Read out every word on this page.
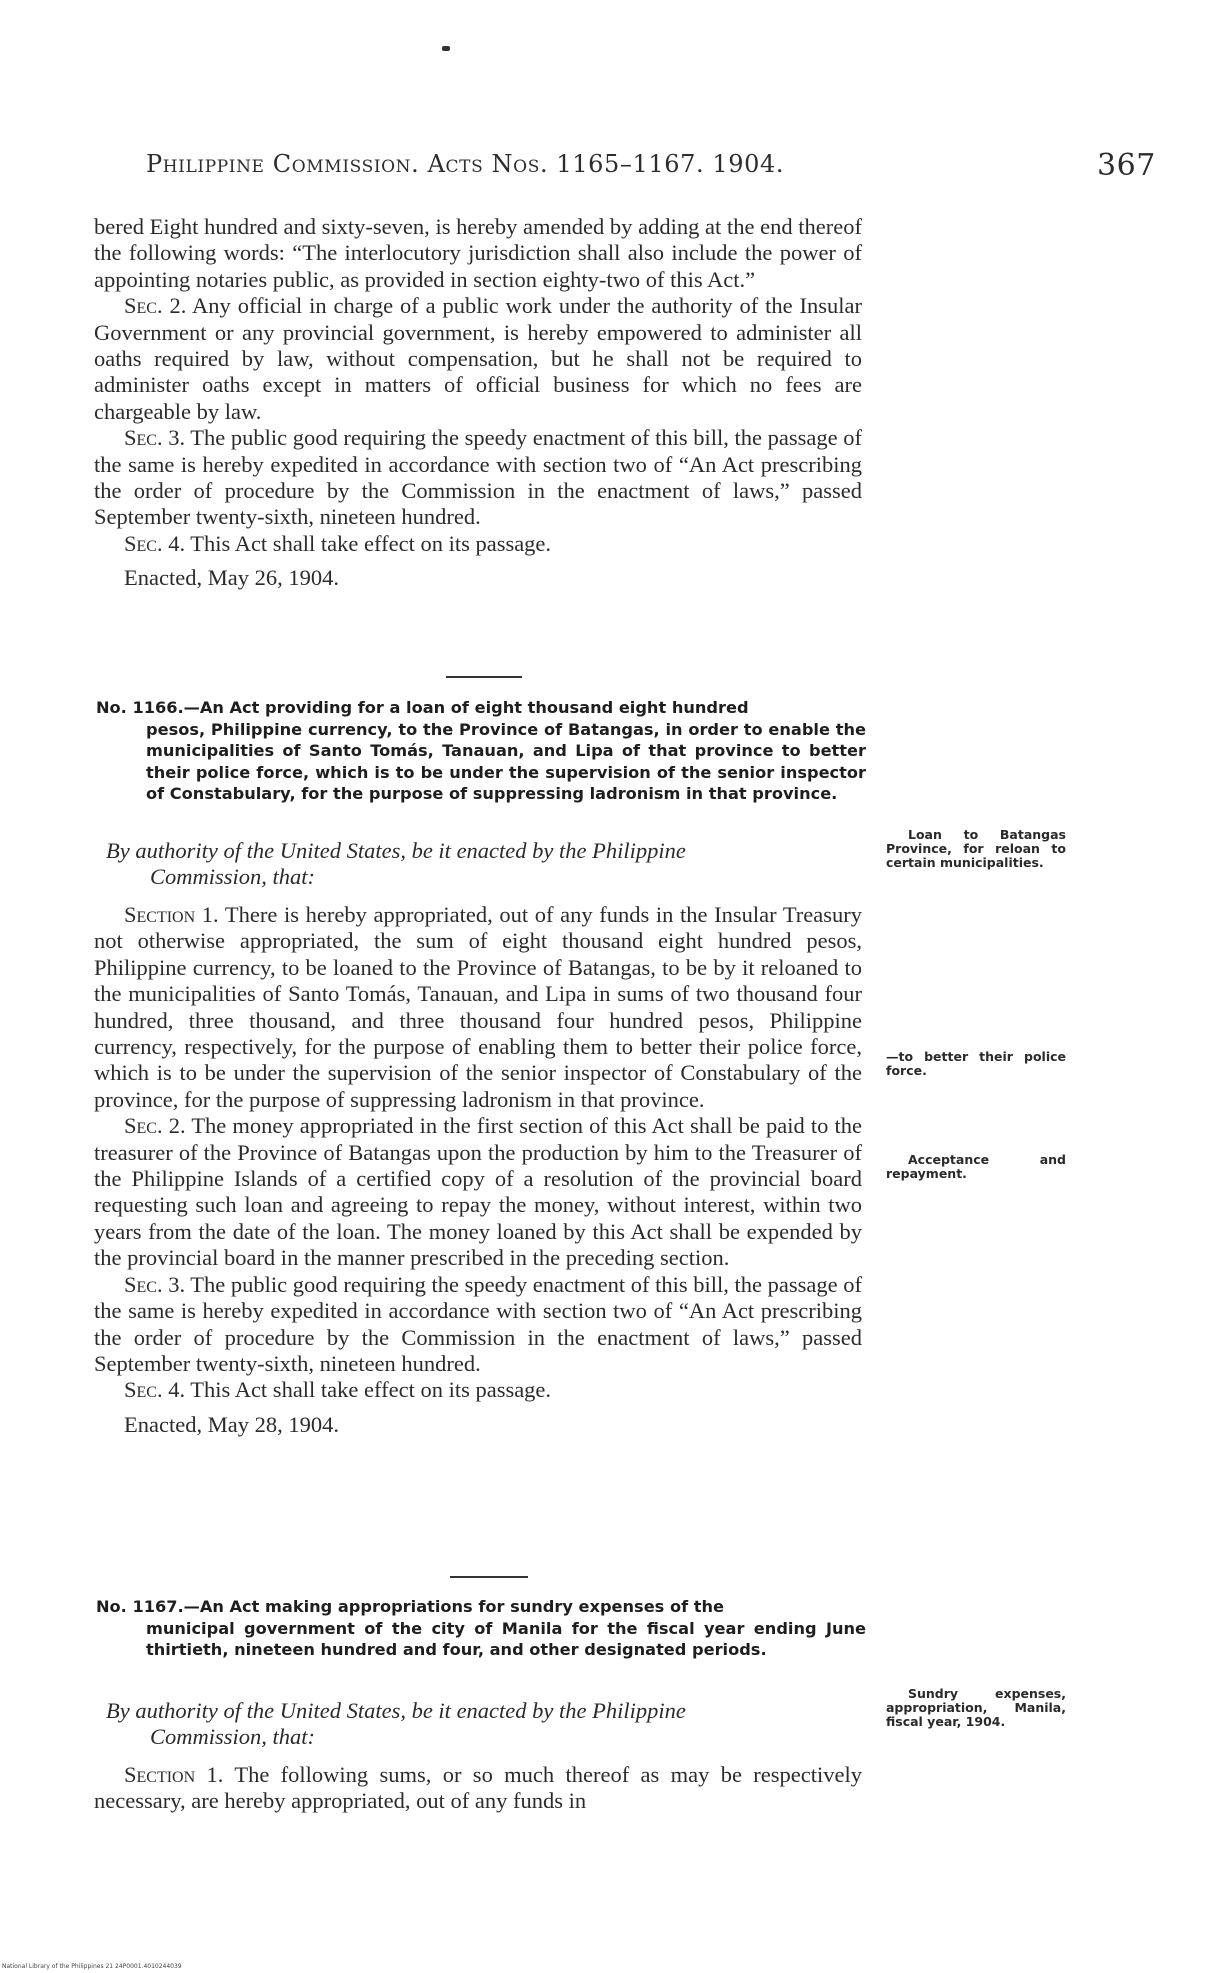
Philippine Commission. Acts Nos. 1165–1167. 1904.	367

bered Eight hundred and sixty-seven, is hereby amended by adding at the end thereof the following words: “The interlocutory jurisdiction shall also include the power of appointing notaries public, as provided in section eighty-two of this Act.”

Sec. 2. Any official in charge of a public work under the authority of the Insular Government or any provincial government, is hereby empowered to administer all oaths required by law, without compensation, but he shall not be required to administer oaths except in matters of official business for which no fees are chargeable by law.

Sec. 3. The public good requiring the speedy enactment of this bill, the passage of the same is hereby expedited in accordance with section two of “An Act prescribing the order of procedure by the Commission in the enactment of laws,” passed September twenty-sixth, nineteen hundred.

Sec. 4. This Act shall take effect on its passage.

Enacted, May 26, 1904.

No. 1166.—An Act providing for a loan of eight thousand eight hundred
pesos, Philippine currency, to the Province of Batangas, in order to enable the municipalities of Santo Tomás, Tanauan, and Lipa of that province to better their police force, which is to be under the supervision of the senior inspector of Constabulary, for the purpose of suppressing ladronism in that province.
By authority of the United States, be it enacted by the Philippine
Commission, that:
Loan to Batangas Province, for reloan to certain municipalities.

Section 1. There is hereby appropriated, out of any funds in the Insular Treasury not otherwise appropriated, the sum of eight thousand eight hundred pesos, Philippine currency, to be loaned to the Province of Batangas, to be by it reloaned to the municipalities of Santo Tomás, Tanauan, and Lipa in sums of two thousand four hundred, three thousand, and three thousand four hundred pesos, Philippine currency, respectively, for the purpose of enabling them to better their police force, which is to be under the supervision of the senior inspector of Constabulary of the province, for the purpose of suppressing ladronism in that province.

Sec. 2. The money appropriated in the first section of this Act shall be paid to the treasurer of the Province of Batangas upon the production by him to the Treasurer of the Philippine Islands of a certified copy of a resolution of the provincial board requesting such loan and agreeing to repay the money, without interest, within two years from the date of the loan. The money loaned by this Act shall be expended by the provincial board in the manner prescribed in the preceding section.

Sec. 3. The public good requiring the speedy enactment of this bill, the passage of the same is hereby expedited in accordance with section two of “An Act prescribing the order of procedure by the Commission in the enactment of laws,” passed September twenty-sixth, nineteen hundred.

Sec. 4. This Act shall take effect on its passage.

Enacted, May 28, 1904.

—to better their police force.
Acceptance and repayment.
No. 1167.—An Act making appropriations for sundry expenses of the
municipal government of the city of Manila for the fiscal year ending June thirtieth, nineteen hundred and four, and other designated periods.
By authority of the United States, be it enacted by the Philippine
Commission, that:
Sundry expenses, appropriation, Manila, fiscal year, 1904.

Section 1. The following sums, or so much thereof as may be respectively necessary, are hereby appropriated, out of any funds in

National Library of the Philippines 21 24P0001.4010244039
